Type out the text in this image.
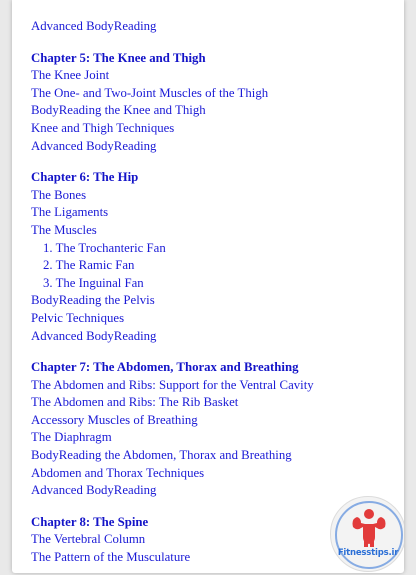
Advanced BodyReading
Chapter 5: The Knee and Thigh
The Knee Joint
The One- and Two-Joint Muscles of the Thigh
BodyReading the Knee and Thigh
Knee and Thigh Techniques
Advanced BodyReading
Chapter 6: The Hip
The Bones
The Ligaments
The Muscles
1. The Trochanteric Fan
2. The Ramic Fan
3. The Inguinal Fan
BodyReading the Pelvis
Pelvic Techniques
Advanced BodyReading
Chapter 7: The Abdomen, Thorax and Breathing
The Abdomen and Ribs: Support for the Ventral Cavity
The Abdomen and Ribs: The Rib Basket
Accessory Muscles of Breathing
The Diaphragm
BodyReading the Abdomen, Thorax and Breathing
Abdomen and Thorax Techniques
Advanced BodyReading
Chapter 8: The Spine
The Vertebral Column
The Pattern of the Musculature	Fitnesstips.ir
